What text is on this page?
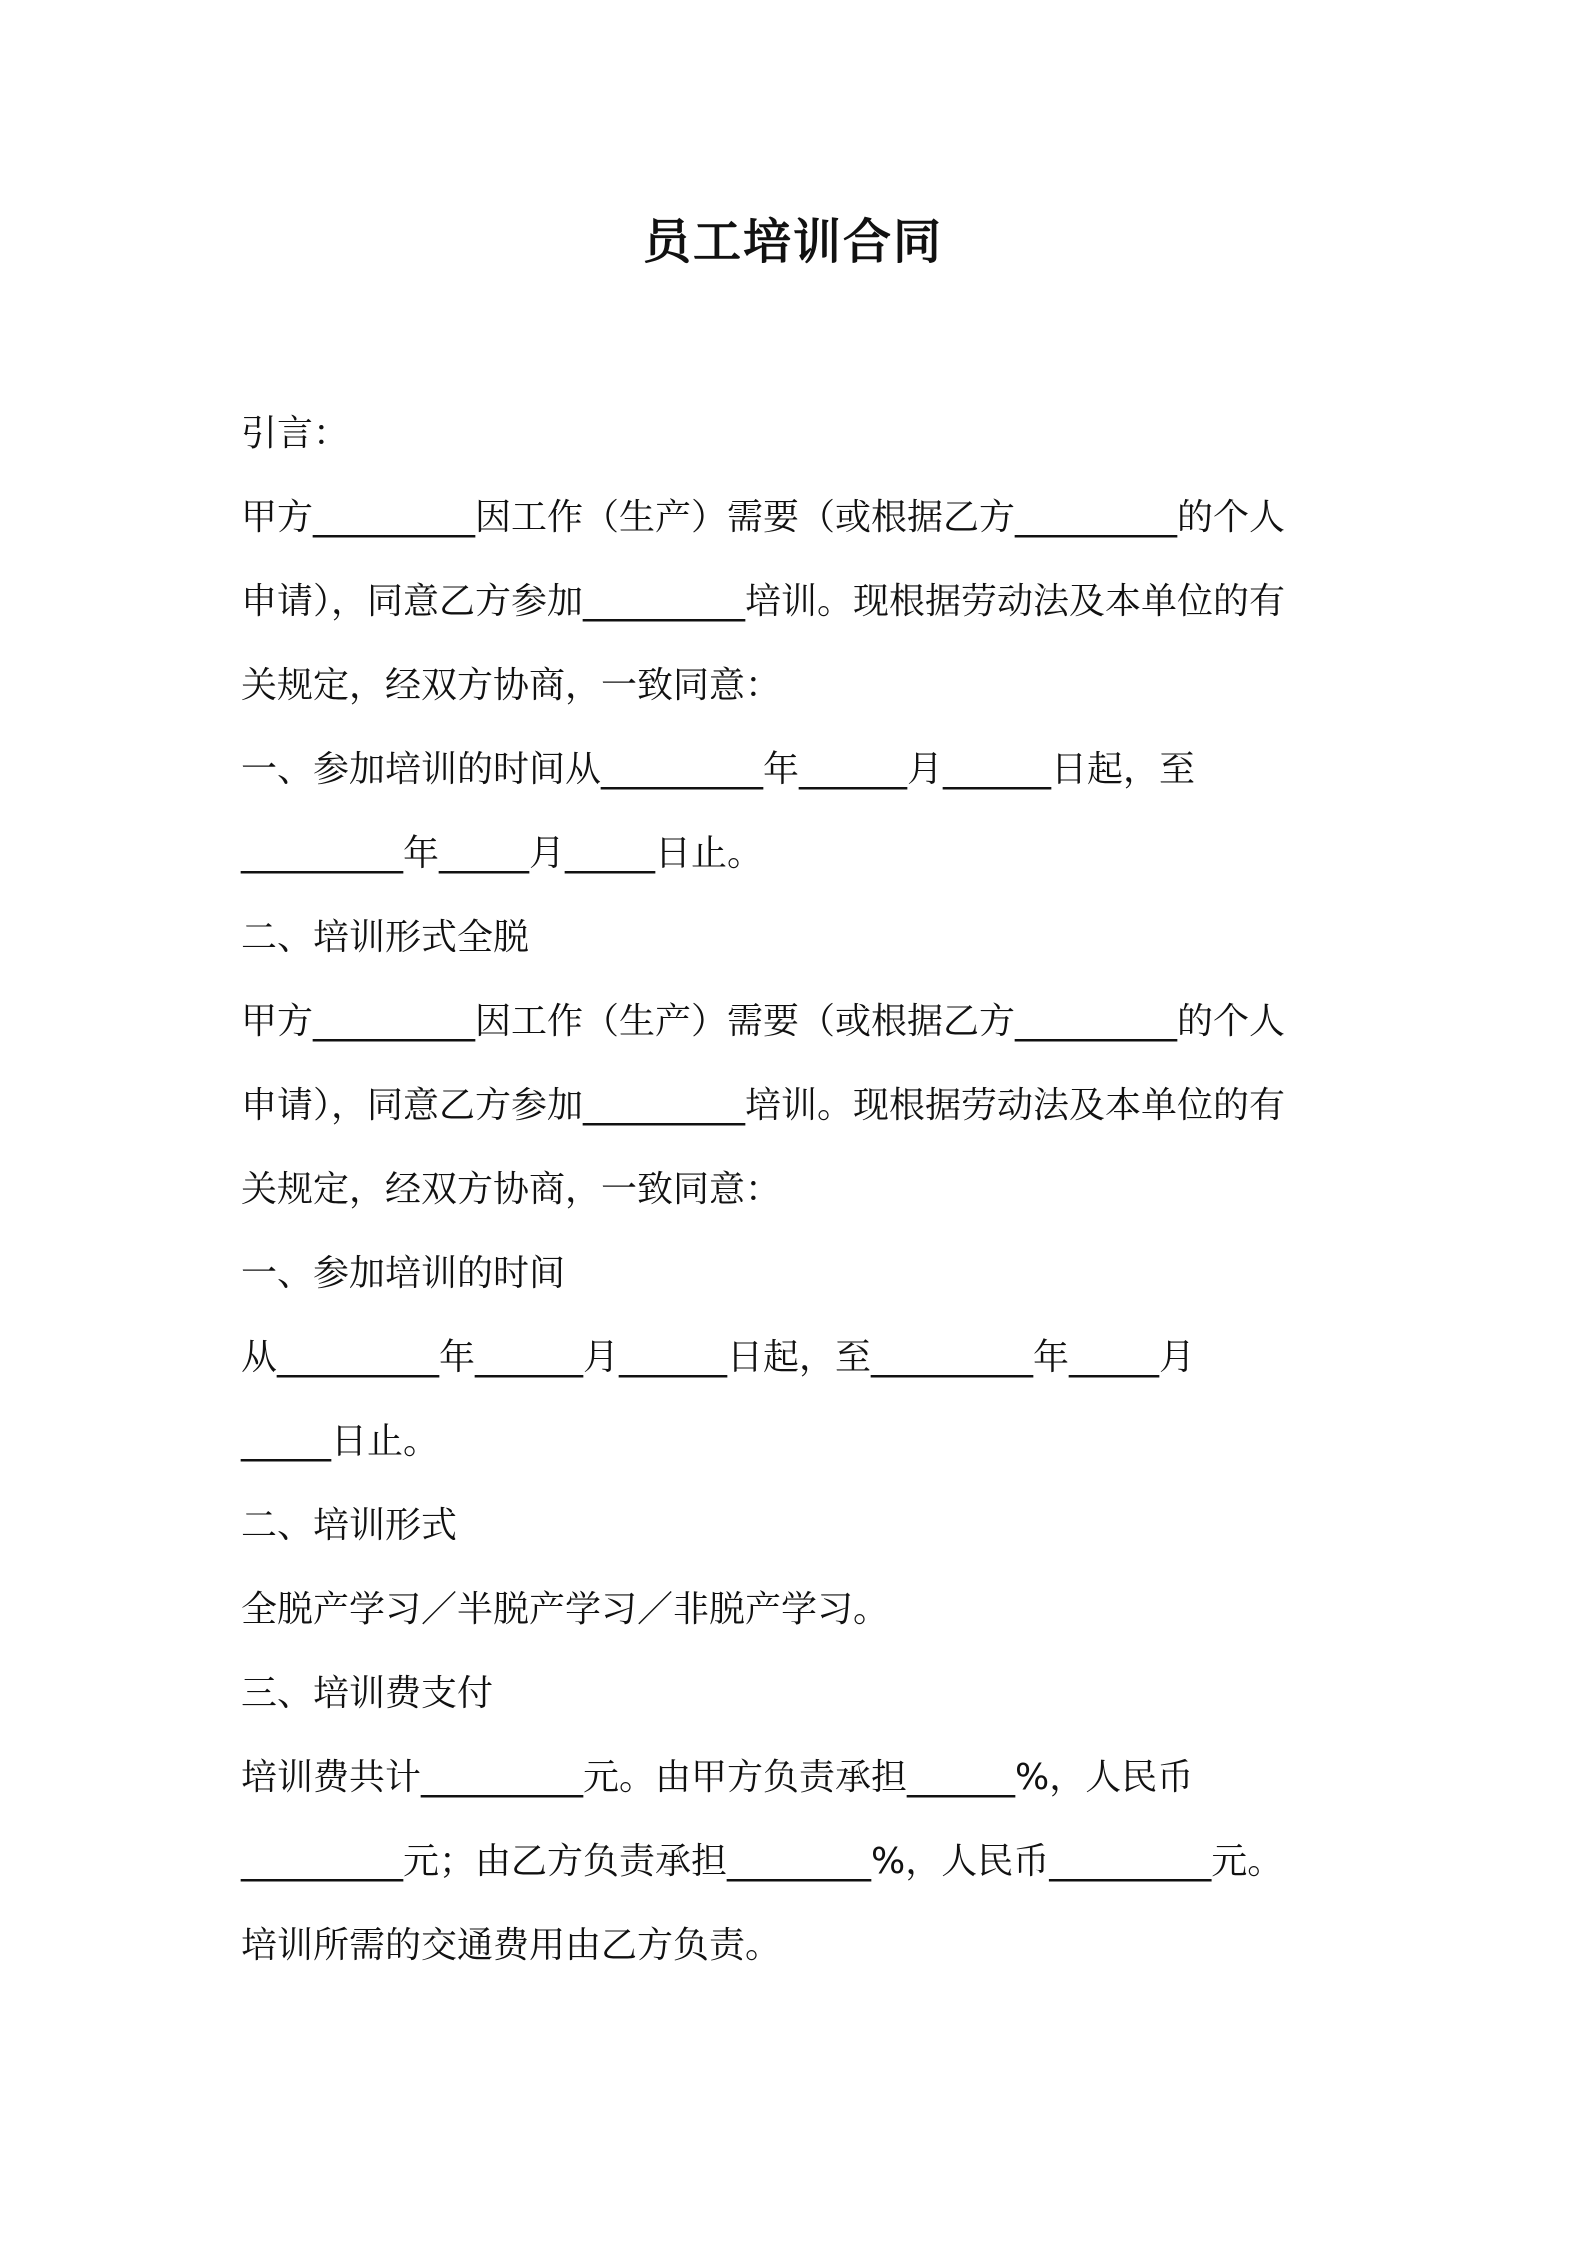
员工培训合同

引言：

甲方_________因工作（生产）需要（或根据乙方_________的个人

申请），同意乙方参加_________培训。现根据劳动法及本单位的有

关规定，经双方协商，一致同意：

一、参加培训的时间从_________年______月______日起，至

_________年_____月_____日止。

二、培训形式全脱

甲方_________因工作（生产）需要（或根据乙方_________的个人

申请），同意乙方参加_________培训。现根据劳动法及本单位的有

关规定，经双方协商，一致同意：

一、参加培训的时间

从_________年______月______日起，至_________年_____月

_____日止。

二、培训形式

全脱产学习／半脱产学习／非脱产学习。

三、培训费支付

培训费共计_________元。由甲方负责承担______%，人民币

_________元；由乙方负责承担________%，人民币_________元。

培训所需的交通费用由乙方负责。
